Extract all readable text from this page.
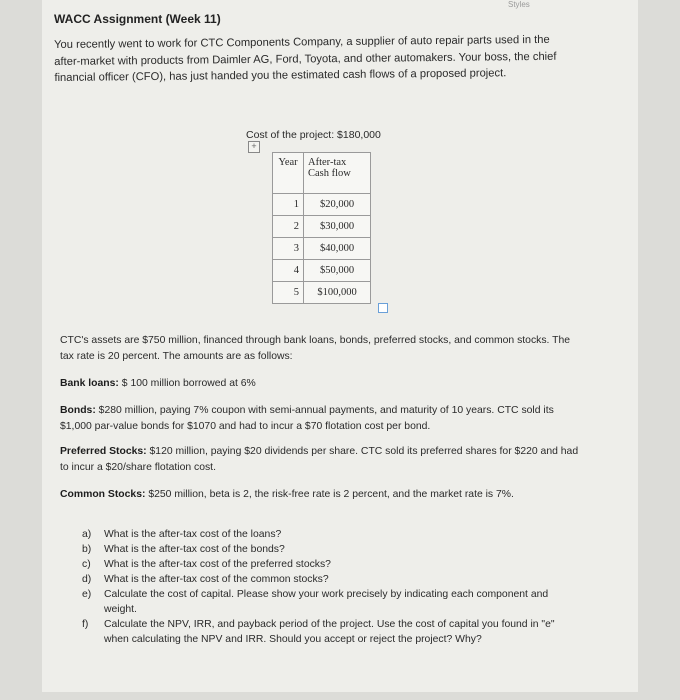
Styles
WACC Assignment (Week 11)
You recently went to work for CTC Components Company, a supplier of auto repair parts used in the after-market with products from Daimler AG, Ford, Toyota, and other automakers. Your boss, the chief financial officer (CFO), has just handed you the estimated cash flows of a proposed project.
Cost of the project: $180,000
+
Year	After-tax Cash flow
1	$20,000
2	$30,000
3	$40,000
4	$50,000
5	$100,000
CTC's assets are $750 million, financed through bank loans, bonds, preferred stocks, and common stocks. The tax rate is 20 percent. The amounts are as follows:
Bank loans: $ 100 million borrowed at 6%
Bonds: $280 million, paying 7% coupon with semi-annual payments, and maturity of 10 years. CTC sold its $1,000 par-value bonds for $1070 and had to incur a $70 flotation cost per bond.
Preferred Stocks: $120 million, paying $20 dividends per share. CTC sold its preferred shares for $220 and had to incur a $20/share flotation cost.
Common Stocks: $250 million, beta is 2, the risk-free rate is 2 percent, and the market rate is 7%.
a)	What is the after-tax cost of the loans?
b)	What is the after-tax cost of the bonds?
c)	What is the after-tax cost of the preferred stocks?
d)	What is the after-tax cost of the common stocks?
e)	Calculate the cost of capital. Please show your work precisely by indicating each component and weight.
f)	Calculate the NPV, IRR, and payback period of the project. Use the cost of capital you found in "e" when calculating the NPV and IRR. Should you accept or reject the project? Why?
